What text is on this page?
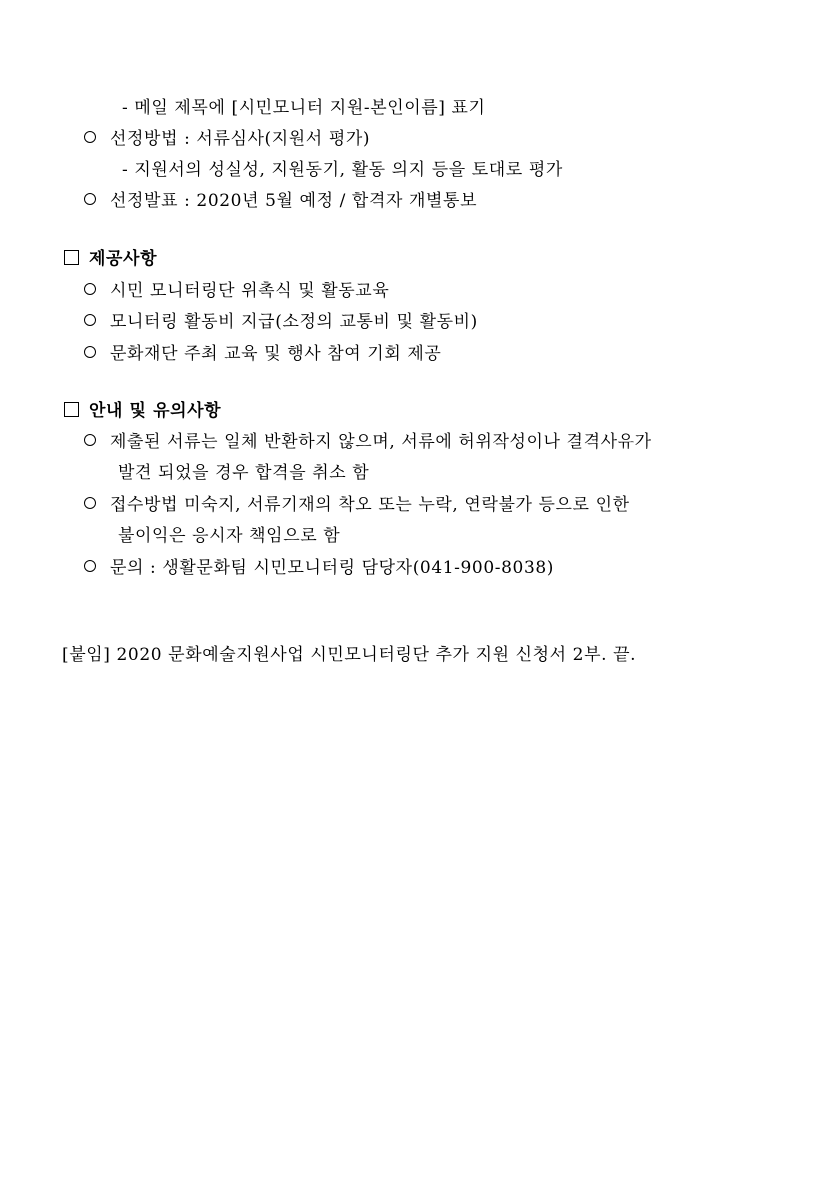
- 메일 제목에 [시민모니터 지원-본인이름] 표기
선정방법 : 서류심사(지원서 평가)
- 지원서의 성실성, 지원동기, 활동 의지 등을 토대로 평가
선정발표 : 2020년 5월 예정 / 합격자 개별통보
제공사항
시민 모니터링단 위촉식 및 활동교육
모니터링 활동비 지급(소정의 교통비 및 활동비)
문화재단 주최 교육 및 행사 참여 기회 제공
안내 및 유의사항
제출된 서류는 일체 반환하지 않으며, 서류에 허위작성이나 결격사유가
발견 되었을 경우 합격을 취소 함
접수방법 미숙지, 서류기재의 착오 또는 누락, 연락불가 등으로 인한
불이익은 응시자 책임으로 함
문의 : 생활문화팀 시민모니터링 담당자(041-900-8038)
[붙임] 2020 문화예술지원사업 시민모니터링단 추가 지원 신청서 2부. 끝.
